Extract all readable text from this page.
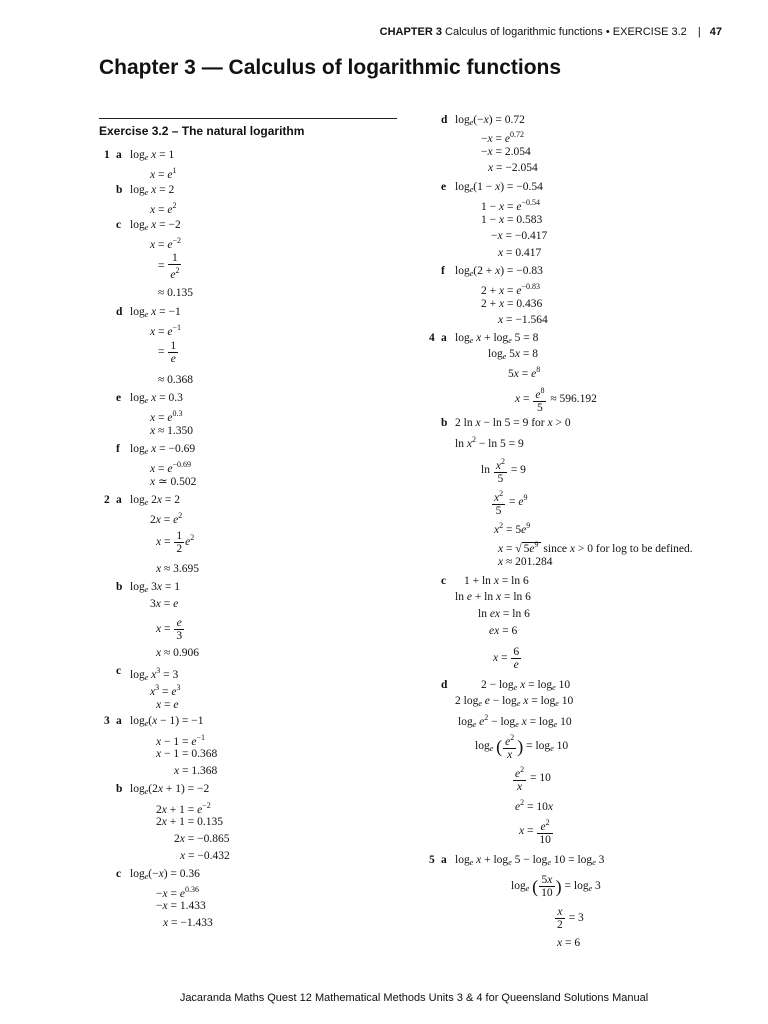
CHAPTER 3 Calculus of logarithmic functions • EXERCISE 3.2 | 47
Chapter 3 — Calculus of logarithmic functions
Exercise 3.2 – The natural logarithm
1 a $\log_e x = 1$
$x = e^1$
b $\log_e x = 2$
$x = e^2$
c $\log_e x = -2$
$x = e^{-2}$
= $\frac{1}{e^2}$
≈ 0.135
d $\log_e x = -1$
$x = e^{-1}$
= $\frac{1}{e}$
≈ 0.368
e $\log_e x = 0.3$
$x = e^{0.3}$
x ≈ 1.350
f $\log_e x = -0.69$
$x = e^{-0.69}$
x ≃ 0.502
2 a $\log_e 2x = 2$
$2x = e^2$
$x = \frac{1}{2} e^2$
x ≈ 3.695
b $\log_e 3x = 1$
3x = e
$x = \frac{e}{3}$
x ≈ 0.906
c $\log_e x^3 = 3$
$x^3 = e^3$
x = e
3 a $\log_e(x - 1) = -1$
$x - 1 = e^{-1}$
x − 1 = 0.368
x = 1.368
b $\log_e(2x + 1) = -2$
$2x + 1 = e^{-2}$
2x + 1 = 0.135
2x = −0.865
x = −0.432
c $\log_e(-x) = 0.36$
$-x = e^{0.36}$
−x = 1.433
x = −1.433
d $\log_e(-x) = 0.72$
$-x = e^{0.72}$
−x = 2.054
x = −2.054
e $\log_e(1 - x) = -0.54$
$1 - x = e^{-0.54}$
1 − x = 0.583
−x = −0.417
x = 0.417
f $\log_e(2 + x) = -0.83$
$2 + x = e^{-0.83}$
2 + x = 0.436
x = −1.564
4 a $\log_e x + \log_e 5 = 8$
$\log_e 5x = 8$
$5x = e^8$
$x = \frac{e^8}{5} \approx 596.192$
b 2 ln x − ln 5 = 9 for x > 0
$\ln x^2 - \ln 5 = 9$
$\ln \frac{x^2}{5} = 9$
$\frac{x^2}{5} = e^9$
$x^2 = 5e^9$
x = √ $5e^9$ since x > 0 for log to be defined.
x ≈ 201.284
c 1 + ln x = ln 6
ln e + ln x = ln 6
ln ex = ln 6
ex = 6
$x = \frac{6}{e}$
d	$2 - \log_e x = \log_e 10$
2 $\log_e e - \log_e x = \log_e 10$
$\log_e e^2 - \log_e x = \log_e 10$
$\log_e$ ( $\frac{e^2}{x}$ ) = $\log_e 10$
$\frac{e^2}{x} = 10$
$e^2 = 10x$
$x = \frac{e^2}{10}$
5 a $\log_e x + \log_e 5 - \log_e 10 = \log_e 3$
$\log_e$ ( $\frac{5x}{10}$ ) = $\log_e 3$
$\frac{x}{2} = 3$
x = 6
Jacaranda Maths Quest 12 Mathematical Methods Units 3 & 4 for Queensland Solutions Manual
